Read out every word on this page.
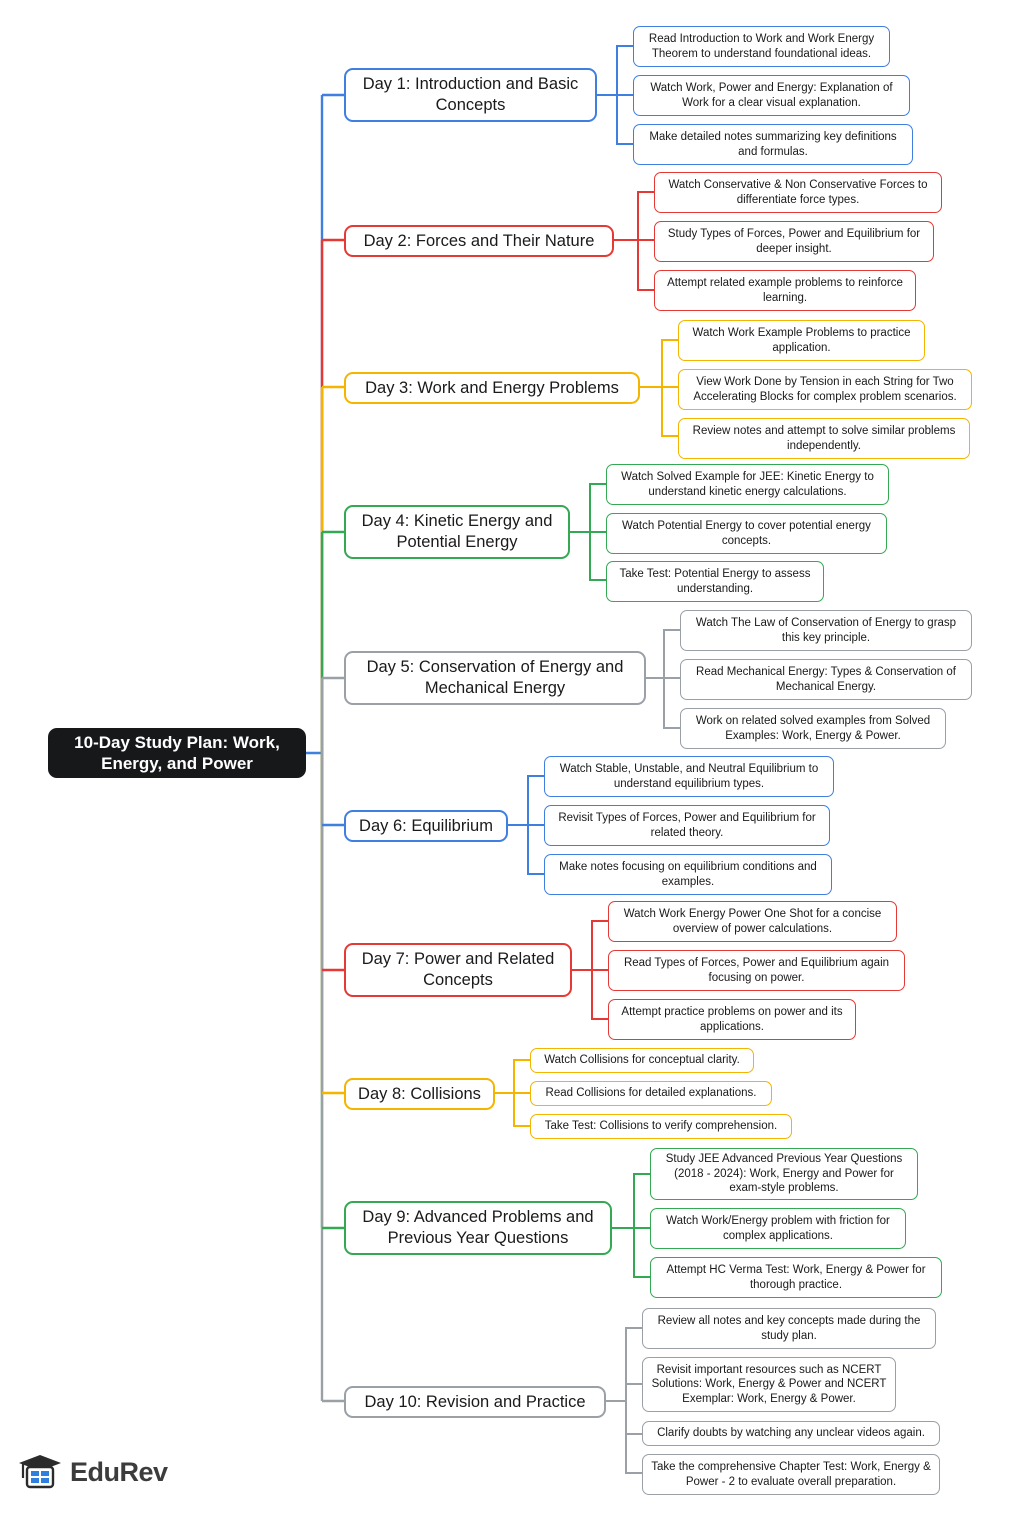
10-Day Study Plan: Work, Energy, and Power
Day 1: Introduction and Basic Concepts
Read Introduction to Work and Work Energy Theorem to understand foundational ideas.
Watch Work, Power and Energy: Explanation of Work for a clear visual explanation.
Make detailed notes summarizing key definitions and formulas.
Day 2: Forces and Their Nature
Watch Conservative & Non Conservative Forces to differentiate force types.
Study Types of Forces, Power and Equilibrium for deeper insight.
Attempt related example problems to reinforce learning.
Day 3: Work and Energy Problems
Watch Work Example Problems to practice application.
View Work Done by Tension in each String for Two Accelerating Blocks for complex problem scenarios.
Review notes and attempt to solve similar problems independently.
Day 4: Kinetic Energy and Potential Energy
Watch Solved Example for JEE: Kinetic Energy to understand kinetic energy calculations.
Watch Potential Energy to cover potential energy concepts.
Take Test: Potential Energy to assess understanding.
Day 5: Conservation of Energy and Mechanical Energy
Watch The Law of Conservation of Energy to grasp this key principle.
Read Mechanical Energy: Types & Conservation of Mechanical Energy.
Work on related solved examples from Solved Examples: Work, Energy & Power.
Day 6: Equilibrium
Watch Stable, Unstable, and Neutral Equilibrium to understand equilibrium types.
Revisit Types of Forces, Power and Equilibrium for related theory.
Make notes focusing on equilibrium conditions and examples.
Day 7: Power and Related Concepts
Watch Work Energy Power One Shot for a concise overview of power calculations.
Read Types of Forces, Power and Equilibrium again focusing on power.
Attempt practice problems on power and its applications.
Day 8: Collisions
Watch Collisions for conceptual clarity.
Read Collisions for detailed explanations.
Take Test: Collisions to verify comprehension.
Day 9: Advanced Problems and Previous Year Questions
Study JEE Advanced Previous Year Questions (2018 - 2024): Work, Energy and Power for exam-style problems.
Watch Work/Energy problem with friction for complex applications.
Attempt HC Verma Test: Work, Energy & Power for thorough practice.
Day 10: Revision and Practice
Review all notes and key concepts made during the study plan.
Revisit important resources such as NCERT Solutions: Work, Energy & Power and NCERT Exemplar: Work, Energy & Power.
Clarify doubts by watching any unclear videos again.
Take the comprehensive Chapter Test: Work, Energy & Power - 2 to evaluate overall preparation.
EduRev
